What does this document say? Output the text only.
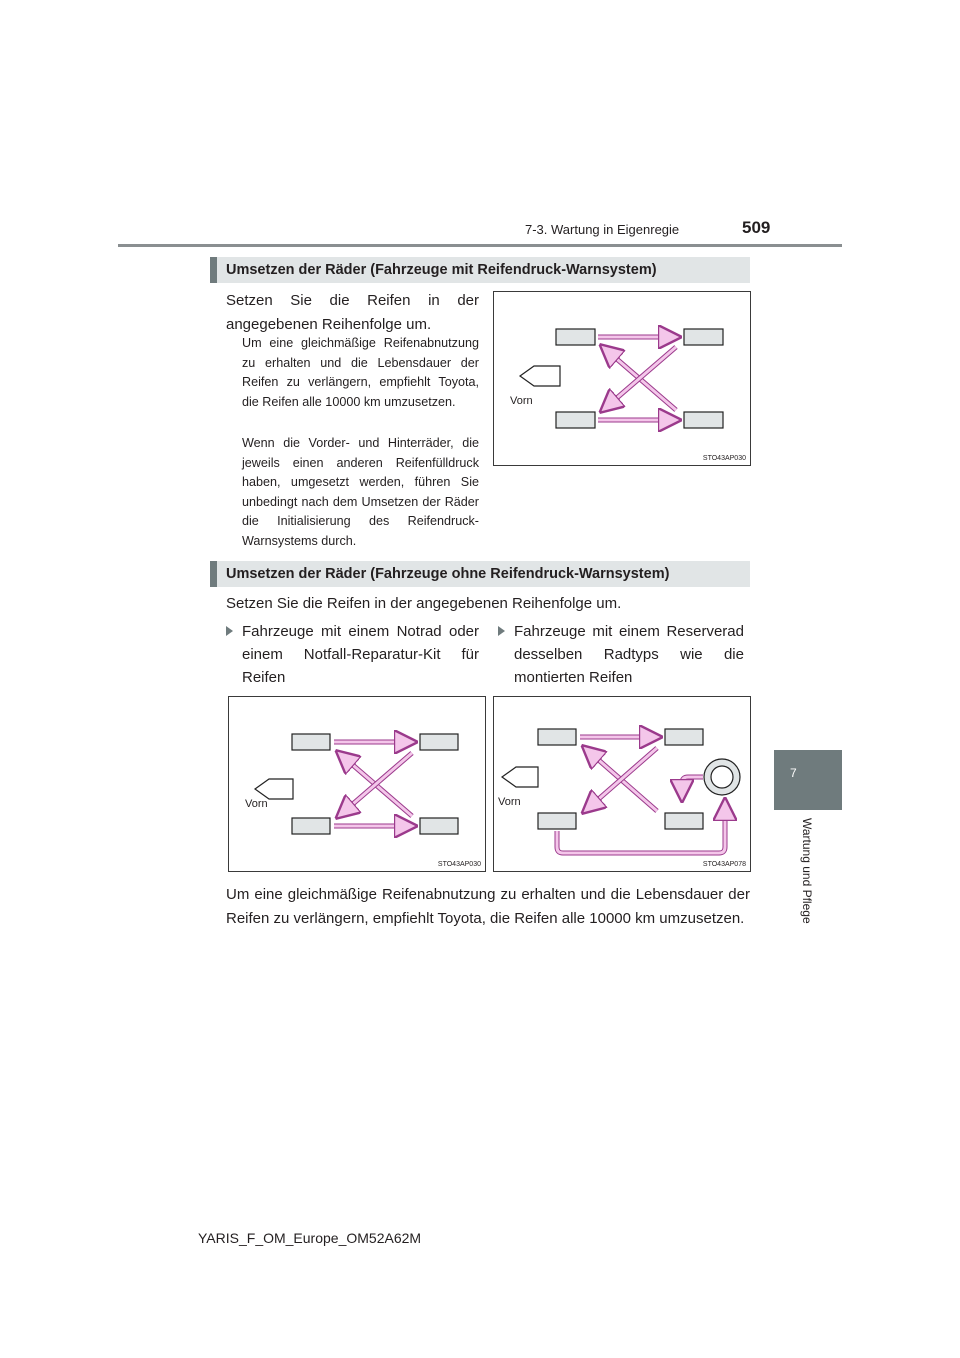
7-3. Wartung in Eigenregie	509
7
Wartung und Pflege
Umsetzen der Räder (Fahrzeuge mit Reifendruck-Warnsystem)
Setzen Sie die Reifen in der angegebenen Reihenfolge um.
Um eine gleichmäßige Reifenabnutzung zu erhalten und die Lebensdauer der Reifen zu verlängern, empfiehlt Toyota, die Reifen alle 10000 km umzusetzen.
Wenn die Vorder- und Hinterräder, die jeweils einen anderen Reifenfülldruck haben, umgesetzt werden, führen Sie unbedingt nach dem Umsetzen der Räder die Initialisierung des Reifendruck-Warnsystems durch.
Vorn
STO43AP030
Umsetzen der Räder (Fahrzeuge ohne Reifendruck-Warnsystem)
Setzen Sie die Reifen in der angegebenen Reihenfolge um.
Fahrzeuge mit einem Notrad oder einem Notfall-Reparatur-Kit für Reifen
Fahrzeuge mit einem Reserverad desselben Radtyps wie die montierten Reifen
Vorn
STO43AP030
Vorn
STO43AP078
Um eine gleichmäßige Reifenabnutzung zu erhalten und die Lebensdauer der Reifen zu verlängern, empfiehlt Toyota, die Reifen alle 10000 km umzusetzen.
YARIS_F_OM_Europe_OM52A62M
